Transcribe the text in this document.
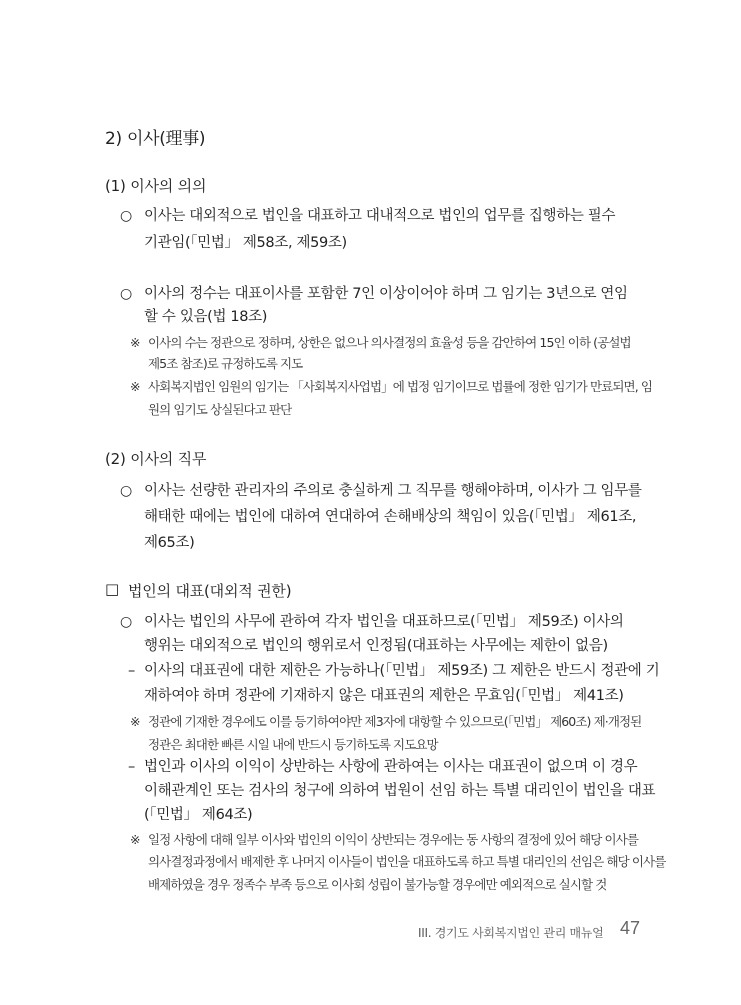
2) 이사(理事)
(1) 이사의 의의
○ 이사는 대외적으로 법인을 대표하고 대내적으로 법인의 업무를 집행하는 필수
기관임(「민법」 제58조, 제59조)
○ 이사의 정수는 대표이사를 포함한 7인 이상이어야 하며 그 임기는 3년으로 연임
할 수 있음(법 18조)
※ 이사의 수는 정관으로 정하며, 상한은 없으나 의사결정의 효율성 등을 감안하여 15인 이하 (공설법
제5조 참조)로 규정하도록 지도
※ 사회복지법인 임원의 임기는 「사회복지사업법」에 법정 임기이므로 법률에 정한 임기가 만료되면, 임
원의 임기도 상실된다고 판단
(2) 이사의 직무
○ 이사는 선량한 관리자의 주의로 충실하게 그 직무를 행해야하며, 이사가 그 임무를
해태한 때에는 법인에 대하여 연대하여 손해배상의 책임이 있음(「민법」 제61조,
제65조)
□ 법인의 대표(대외적 권한)
○ 이사는 법인의 사무에 관하여 각자 법인을 대표하므로(「민법」 제59조) 이사의
행위는 대외적으로 법인의 행위로서 인정됨(대표하는 사무에는 제한이 없음)
– 이사의 대표권에 대한 제한은 가능하나(「민법」 제59조) 그 제한은 반드시 정관에 기
재하여야 하며 정관에 기재하지 않은 대표권의 제한은 무효임(「민법」 제41조)
※ 정관에 기재한 경우에도 이를 등기하여야만 제3자에 대항할 수 있으므로(「민법」 제60조) 제·개정된
정관은 최대한 빠른 시일 내에 반드시 등기하도록 지도요망
– 법인과 이사의 이익이 상반하는 사항에 관하여는 이사는 대표권이 없으며 이 경우
이해관계인 또는 검사의 청구에 의하여 법원이 선임 하는 특별 대리인이 법인을 대표
(「민법」 제64조)
※ 일정 사항에 대해 일부 이사와 법인의 이익이 상반되는 경우에는 동 사항의 결정에 있어 해당 이사를
의사결정과정에서 배제한 후 나머지 이사들이 법인을 대표하도록 하고 특별 대리인의 선임은 해당 이사를
배제하였을 경우 정족수 부족 등으로 이사회 성립이 불가능할 경우에만 예외적으로 실시할 것
III. 경기도 사회복지법인 관리 매뉴얼 47
